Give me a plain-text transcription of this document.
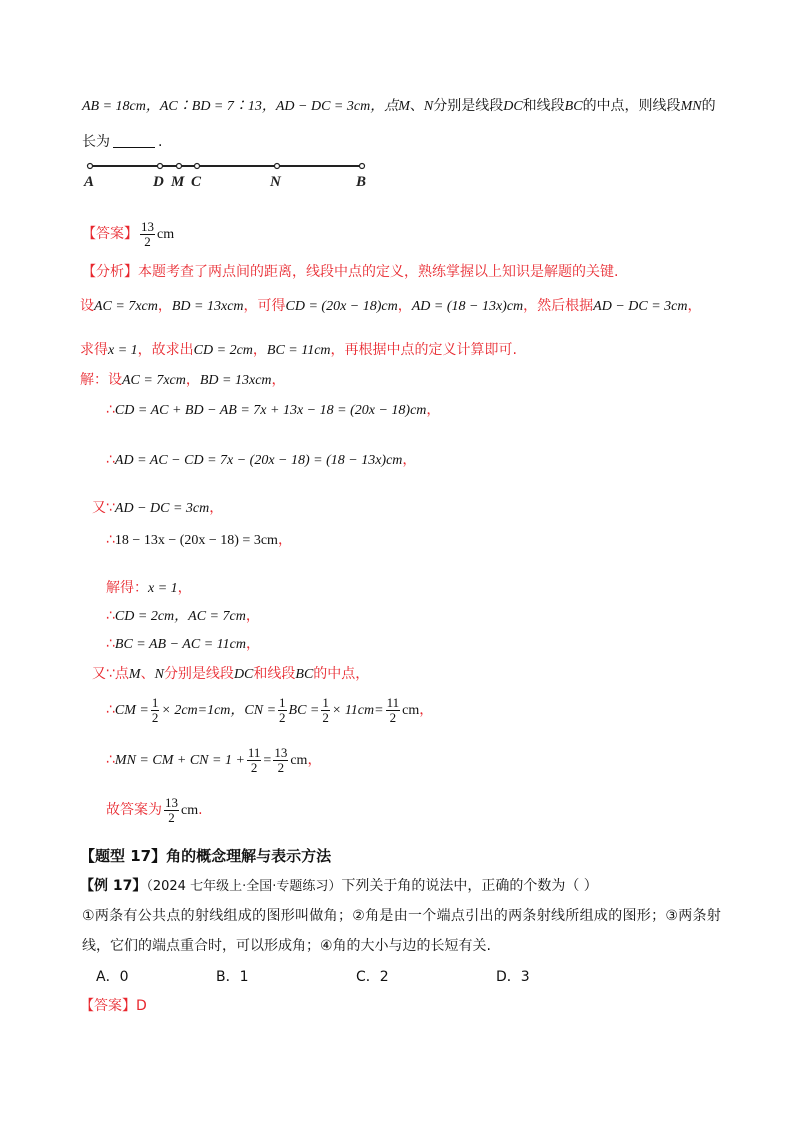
AB = 18cm，AC∶BD = 7∶13，AD − DC = 3cm，点M、N分别是线段DC和线段BC的中点，则线段MN的
长为	.
A	D M C	N	B
【答案】 $\frac{13}{2}$ cm
【分析】本题考查了两点间的距离，线段中点的定义，熟练掌握以上知识是解题的关键.
设AC = 7xcm，BD = 13xcm，可得CD = (20x − 18)cm，AD = (18 − 13x)cm，然后根据AD − DC = 3cm，
求得x = 1，故求出CD = 2cm，BC = 11cm，再根据中点的定义计算即可.
解：设AC = 7xcm，BD = 13xcm，
∴CD = AC + BD − AB = 7x + 13x − 18 = (20x − 18)cm，
∴AD = AC − CD = 7x − (20x − 18) = (18 − 13x)cm，
又∵AD − DC = 3cm，
∴18 − 13x − (20x − 18) = 3cm，
解得：x = 1，
∴CD = 2cm，AC = 7cm，
∴BC = AB − AC = 11cm，
又∵点M、N分别是线段DC和线段BC的中点，
∴CM = $\frac{1}{2} \times 2cm=1cm$，CN = $\frac{1}{2}$ BC = $\frac{1}{2} \times 11cm= \frac{11}{2}$ cm，
∴MN = CM + CN = $1 + \frac{11}{2} = \frac{13}{2}$ cm，
故答案为 $\frac{13}{2}$ cm.
【题型 17】角的概念理解与表示方法
【例 17】（2024 七年级上·全国·专题练习）下列关于角的说法中，正确的个数为（ ）
①两条有公共点的射线组成的图形叫做角；②角是由一个端点引出的两条射线所组成的图形；③两条射
线，它们的端点重合时，可以形成角；④角的大小与边的长短有关.
A．0	B．1	C．2	D．3
【答案】D
